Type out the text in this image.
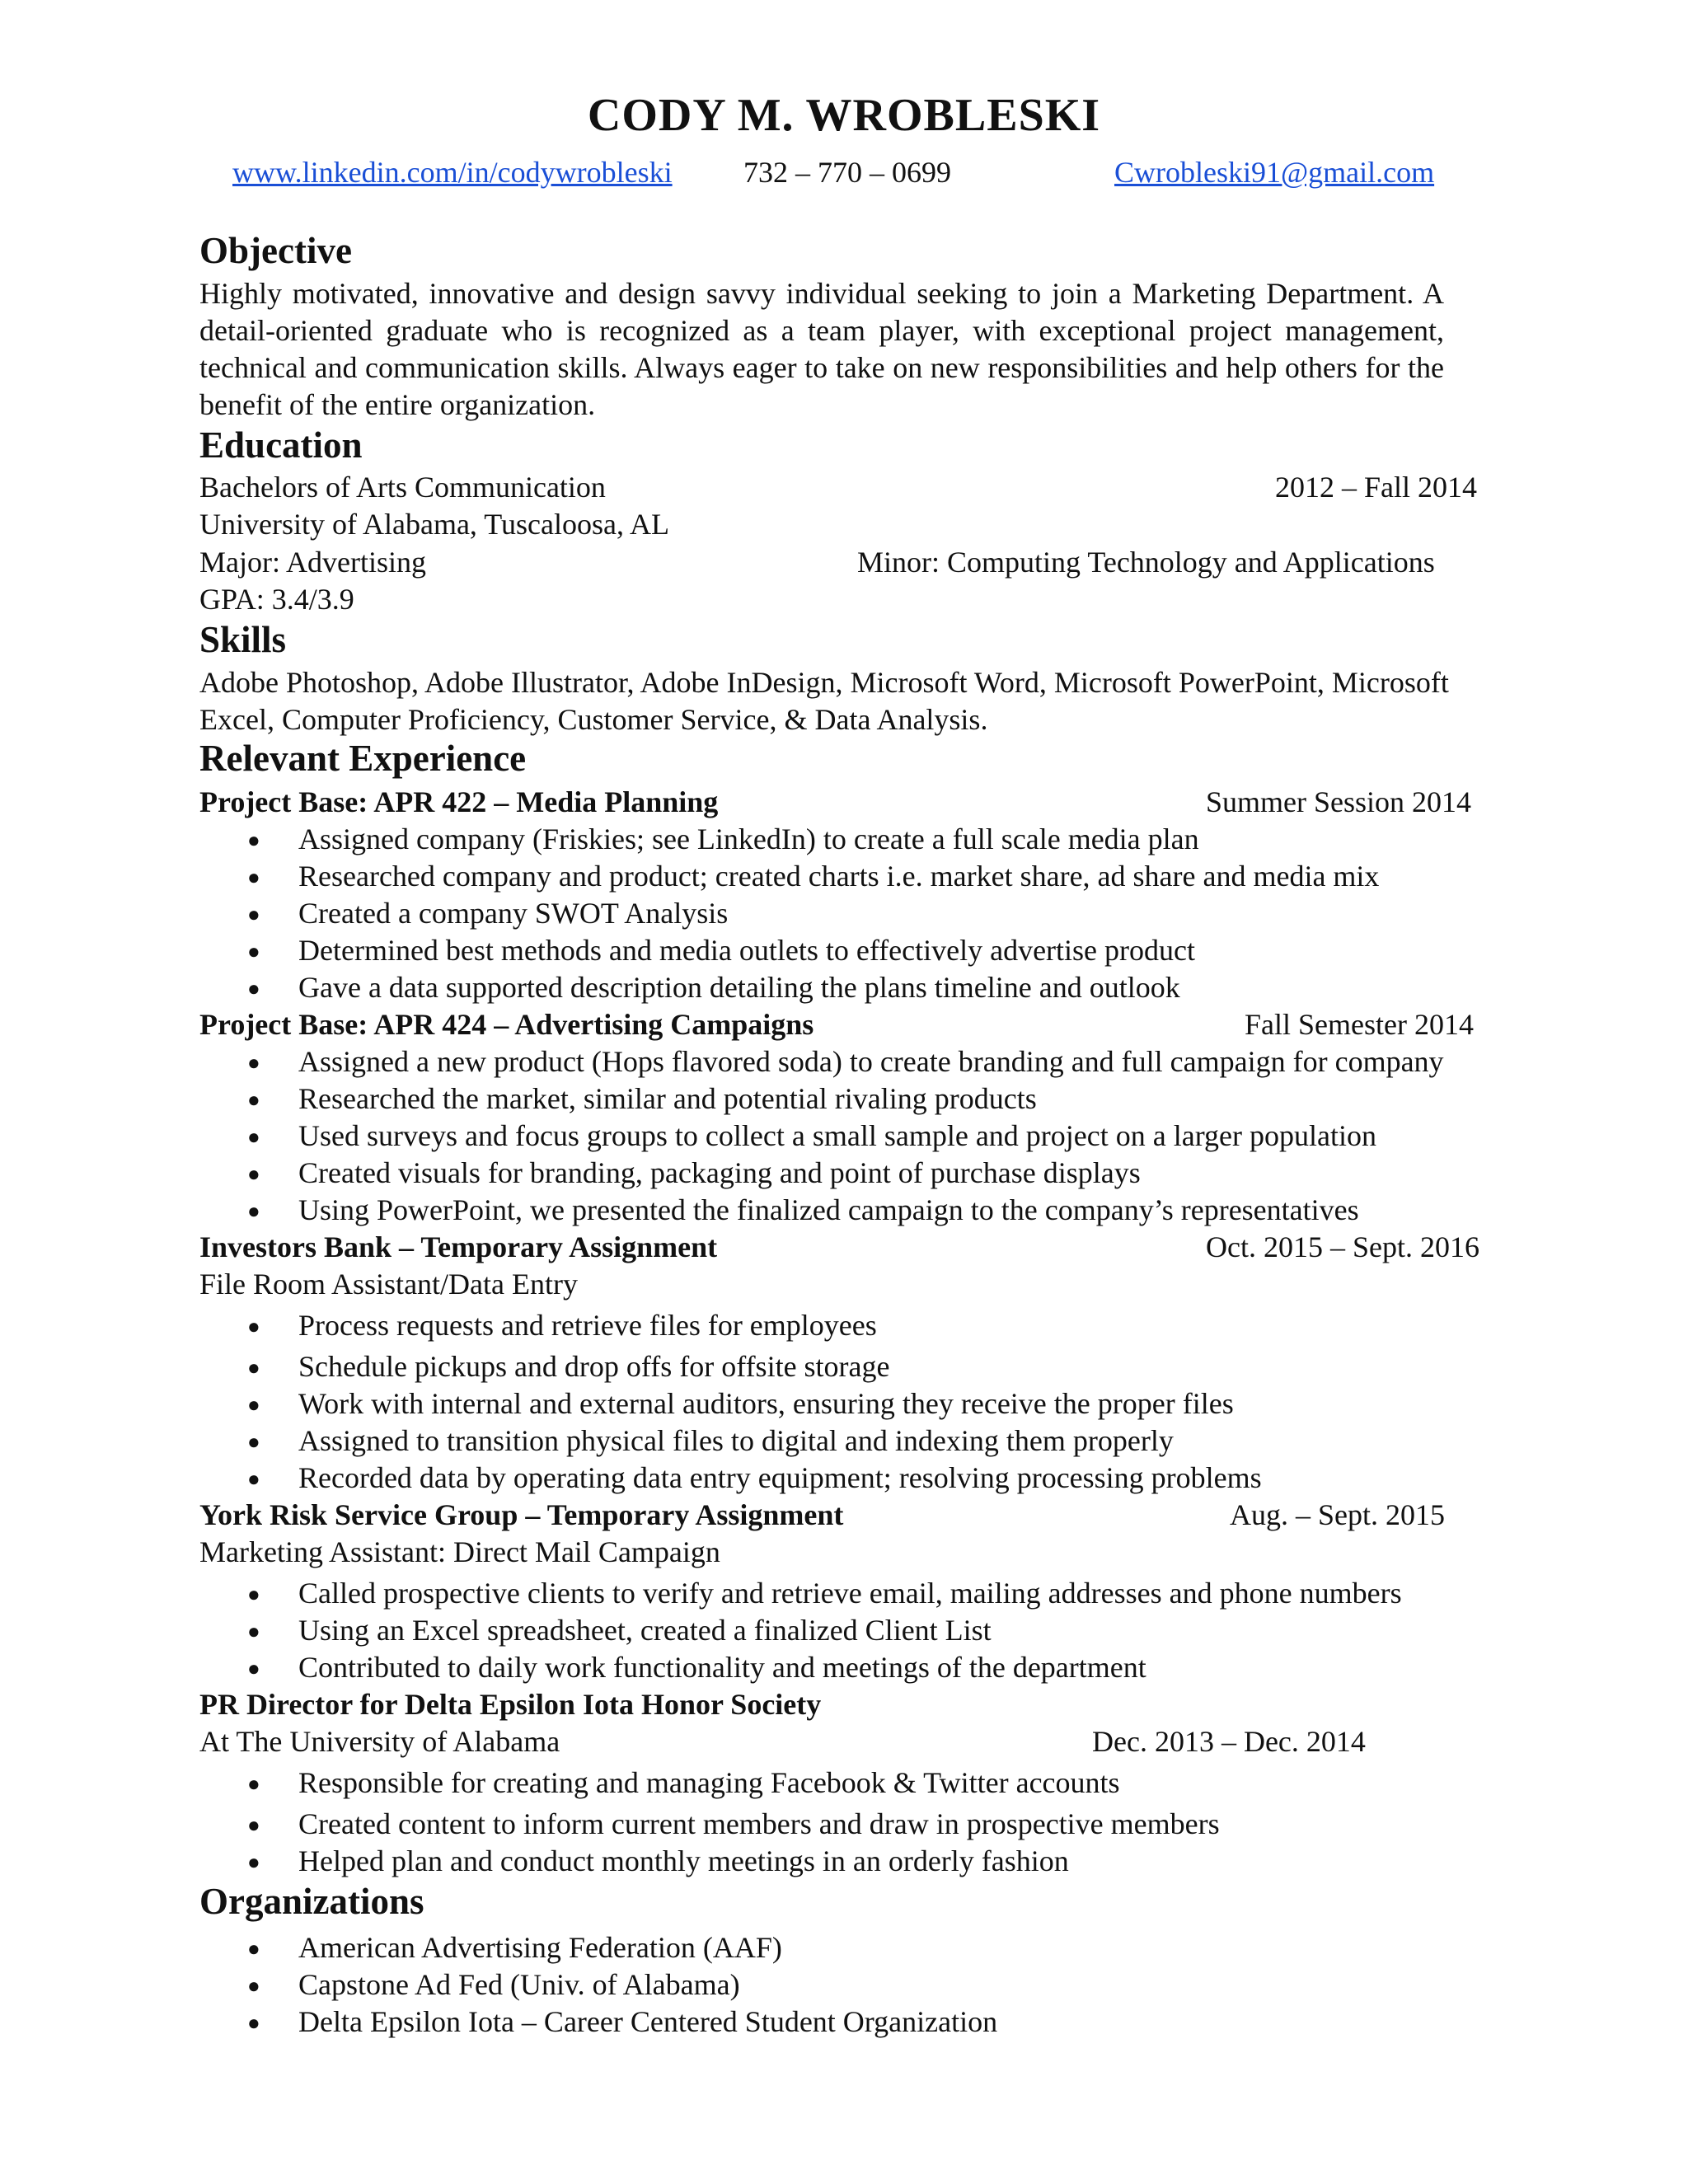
CODY M. WROBLESKI
www.linkedin.com/in/codywrobleski 732 – 770 – 0699	Cwrobleski91@gmail.com
Objective
Highly motivated, innovative and design savvy individual seeking to join a Marketing Department. A detail-oriented graduate who is recognized as a team player, with exceptional project management, technical and communication skills. Always eager to take on new responsibilities and help others for the benefit of the entire organization.
Education
Bachelors of Arts Communication	2012 – Fall 2014
University of Alabama, Tuscaloosa, AL
Major: Advertising	Minor: Computing Technology and Applications
GPA: 3.4/3.9
Skills
Adobe Photoshop, Adobe Illustrator, Adobe InDesign, Microsoft Word, Microsoft PowerPoint, Microsoft Excel, Computer Proficiency, Customer Service, & Data Analysis.
Relevant Experience
Project Base: APR 422 – Media Planning	Summer Session 2014
● Assigned company (Friskies; see LinkedIn) to create a full scale media plan
● Researched company and product; created charts i.e. market share, ad share and media mix
● Created a company SWOT Analysis
● Determined best methods and media outlets to effectively advertise product
● Gave a data supported description detailing the plans timeline and outlook
Project Base: APR 424 – Advertising Campaigns	Fall Semester 2014
● Assigned a new product (Hops flavored soda) to create branding and full campaign for company
● Researched the market, similar and potential rivaling products
● Used surveys and focus groups to collect a small sample and project on a larger population
● Created visuals for branding, packaging and point of purchase displays
● Using PowerPoint, we presented the finalized campaign to the company’s representatives
Investors Bank – Temporary Assignment	Oct. 2015 – Sept. 2016
File Room Assistant/Data Entry
● Process requests and retrieve files for employees
● Schedule pickups and drop offs for offsite storage
● Work with internal and external auditors, ensuring they receive the proper files
● Assigned to transition physical files to digital and indexing them properly
● Recorded data by operating data entry equipment; resolving processing problems
York Risk Service Group – Temporary Assignment	Aug. – Sept. 2015
Marketing Assistant: Direct Mail Campaign
● Called prospective clients to verify and retrieve email, mailing addresses and phone numbers
● Using an Excel spreadsheet, created a finalized Client List
● Contributed to daily work functionality and meetings of the department
PR Director for Delta Epsilon Iota Honor Society
At The University of Alabama	Dec. 2013 – Dec. 2014
● Responsible for creating and managing Facebook & Twitter accounts
● Created content to inform current members and draw in prospective members
● Helped plan and conduct monthly meetings in an orderly fashion
Organizations
● American Advertising Federation (AAF)
● Capstone Ad Fed (Univ. of Alabama)
● Delta Epsilon Iota – Career Centered Student Organization
